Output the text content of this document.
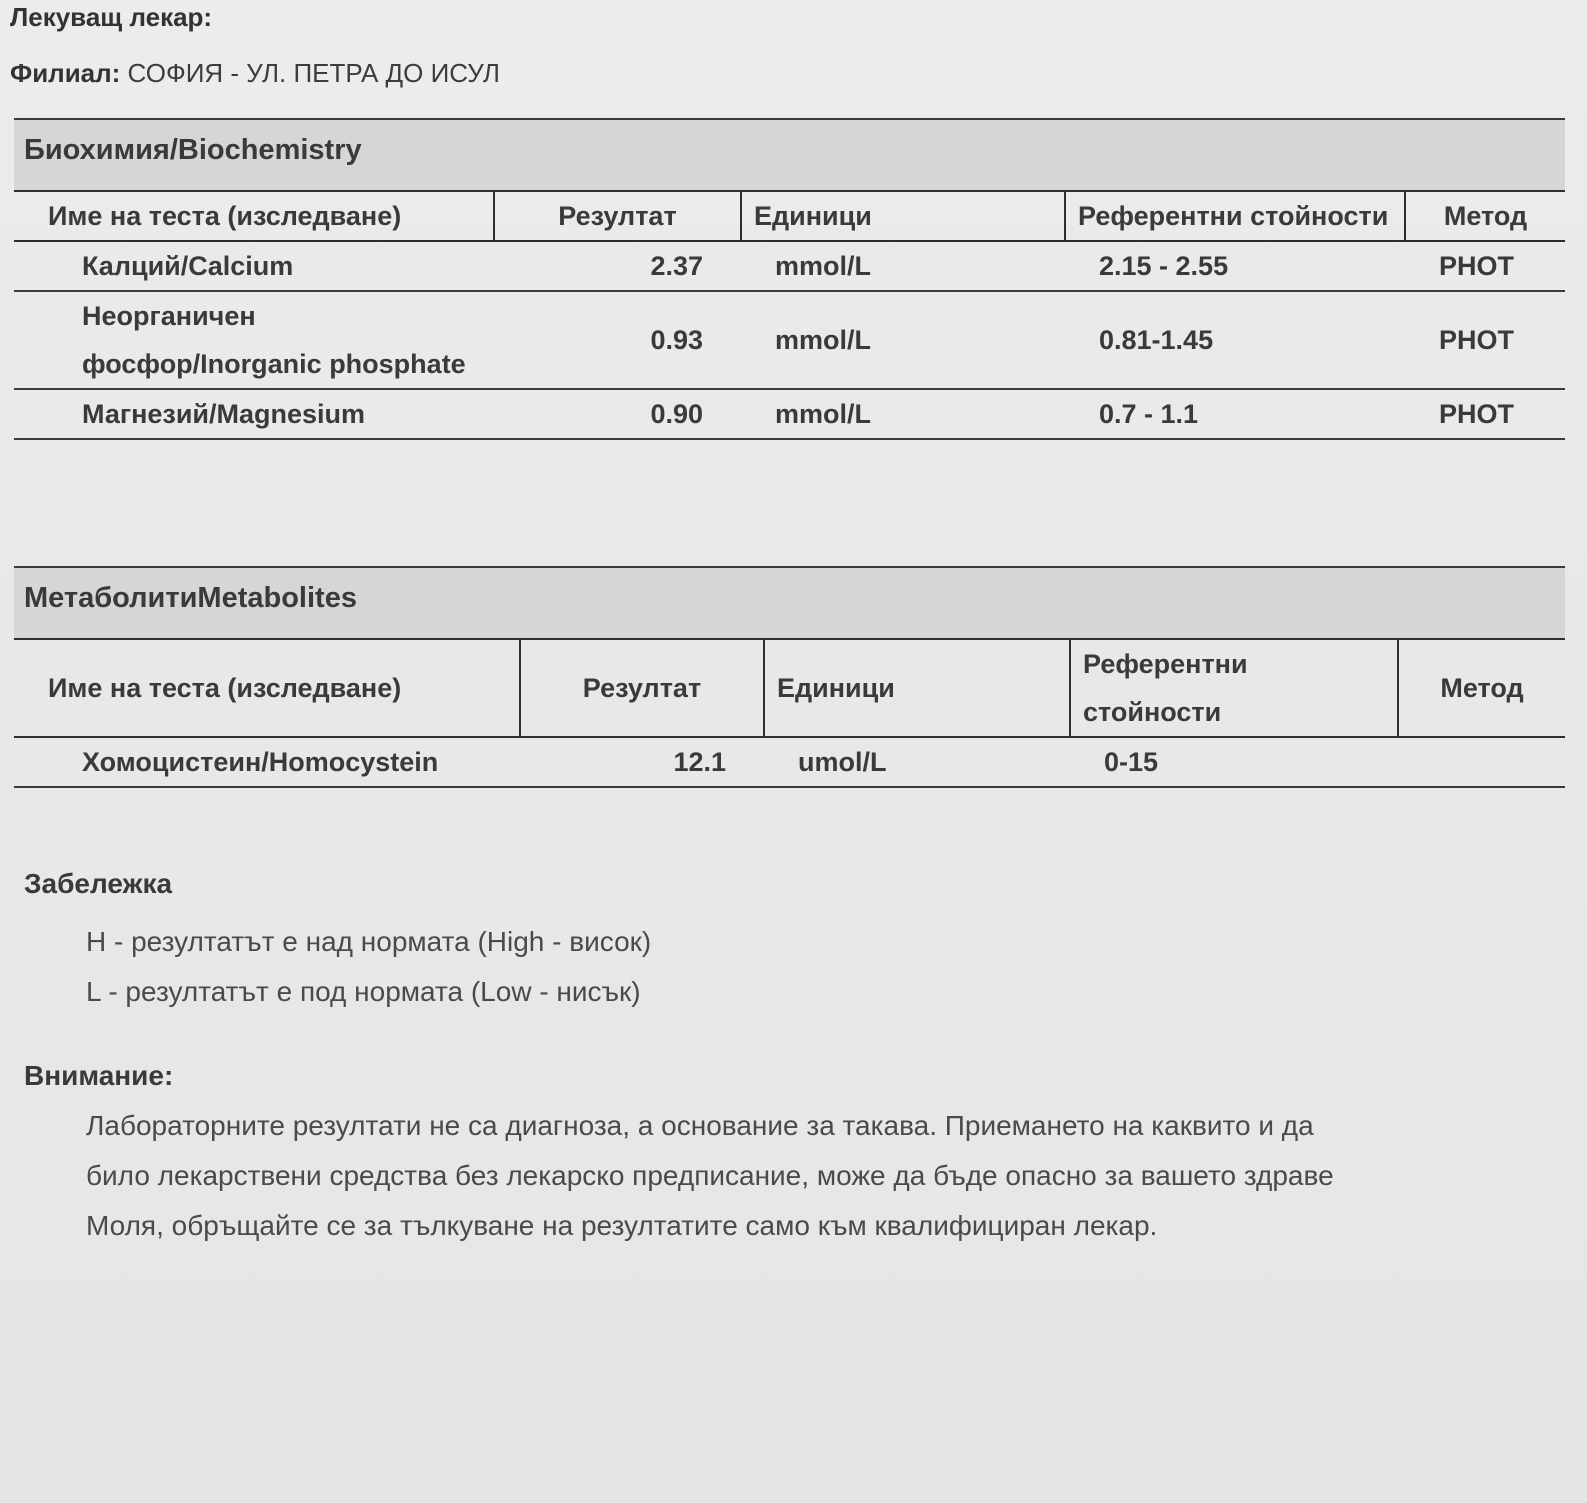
Лекуващ лекар:
Филиал: СОФИЯ - УЛ. ПЕТРА ДО ИСУЛ
Биохимия/Biochemistry
Име на теста (изследване)	Резултат	Единици	Референтни стойности	Метод
Калций/Calcium	2.37	mmol/L	2.15 - 2.55	PHOT
Неорганичен фосфор/Inorganic phosphate	0.93	mmol/L	0.81-1.45	PHOT
Магнезий/Magnesium	0.90	mmol/L	0.7 - 1.1	PHOT
МетаболитиMetabolites
Име на теста (изследване)	Резултат	Единици	Референтни стойности	Метод
Хомоцистеин/Homocystein	12.1	umol/L	0-15	
Забележка
H - резултатът е над нормата (High - висок)
L - резултатът е под нормата (Low - нисък)
Внимание:
Лабораторните резултати не са диагноза, а основание за такава. Приемането на каквито и да
било лекарствени средства без лекарско предписание, може да бъде опасно за вашето здраве
Моля, обръщайте се за тълкуване на резултатите само към квалифициран лекар.
